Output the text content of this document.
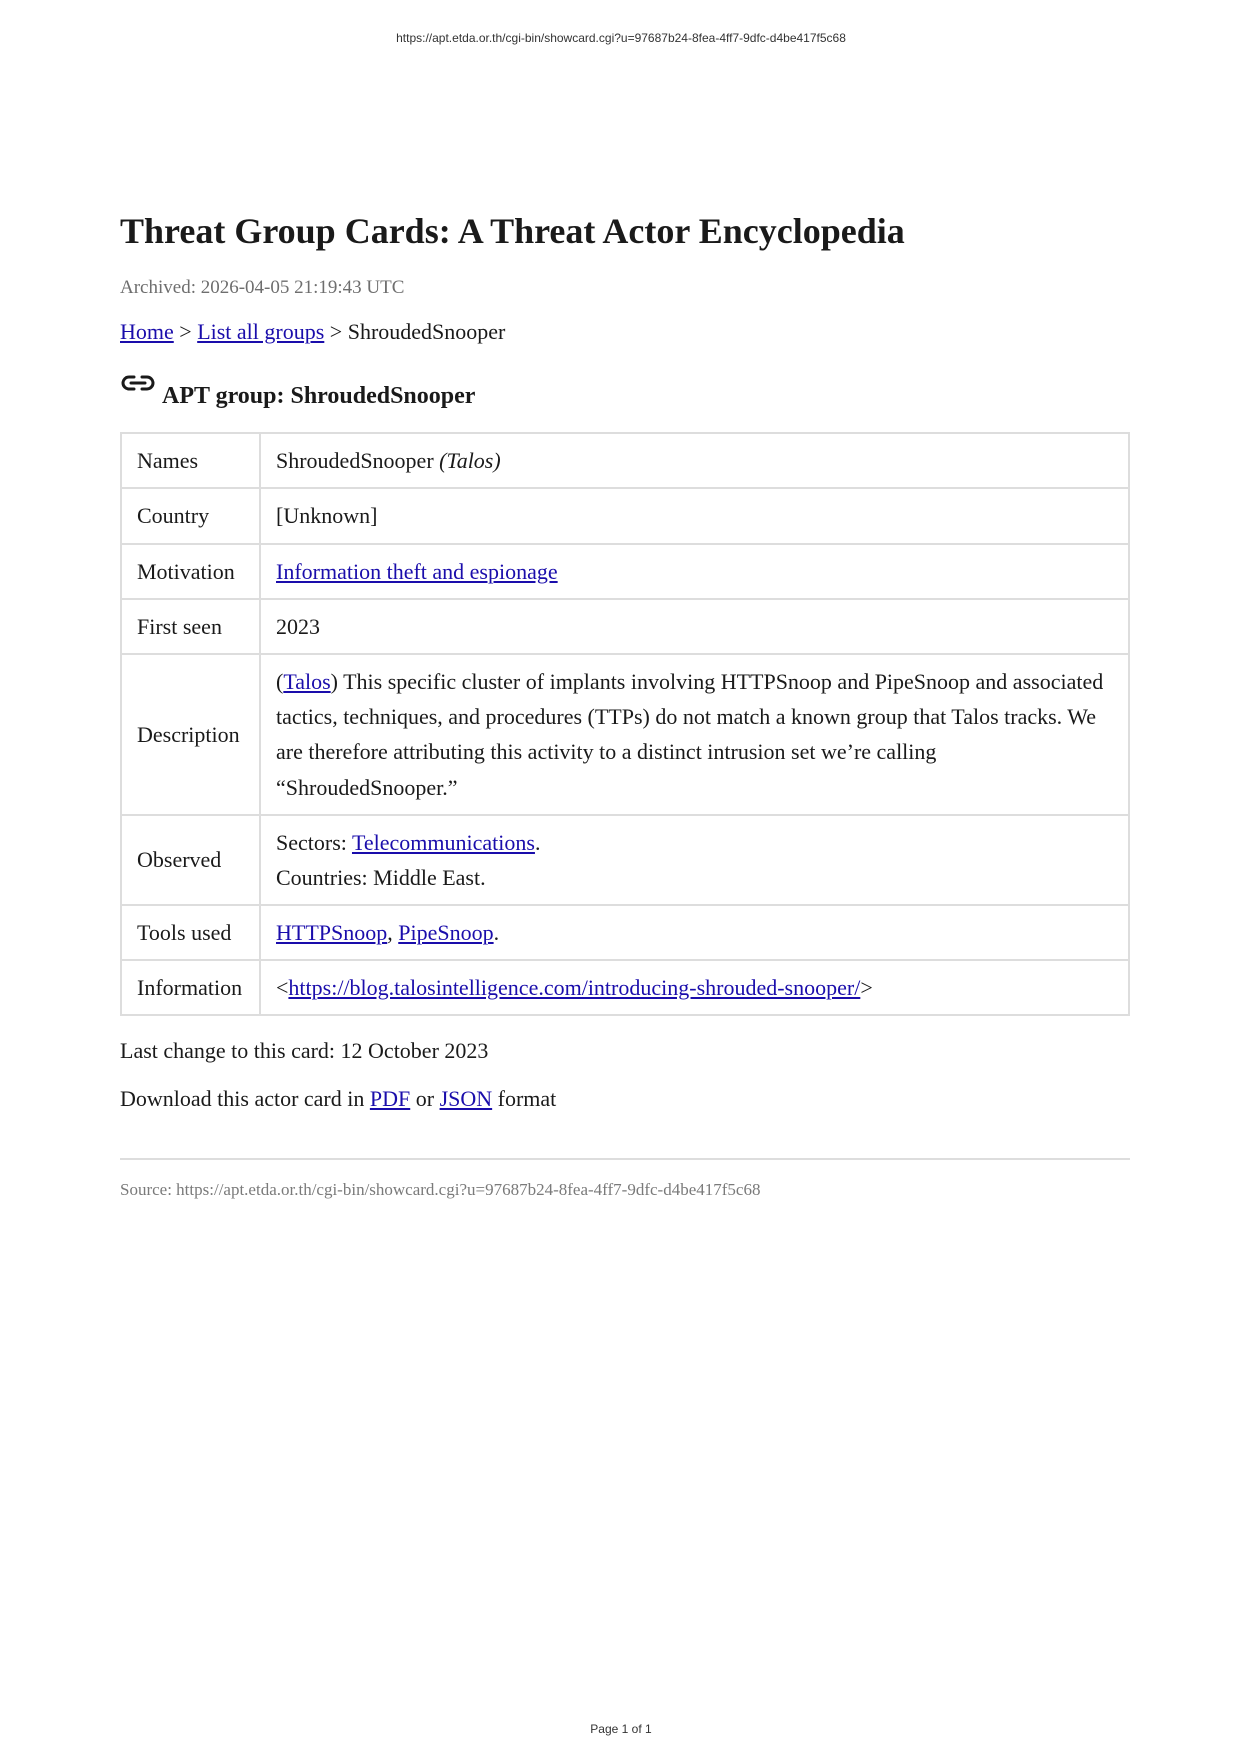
https://apt.etda.or.th/cgi-bin/showcard.cgi?u=97687b24-8fea-4ff7-9dfc-d4be417f5c68
Threat Group Cards: A Threat Actor Encyclopedia
Archived: 2026-04-05 21:19:43 UTC
Home > List all groups > ShroudedSnooper
APT group: ShroudedSnooper
Names	ShroudedSnooper (Talos)
Country	[Unknown]
Motivation	Information theft and espionage
First seen	2023
Description	(Talos) This specific cluster of implants involving HTTPSnoop and PipeSnoop and associated tactics, techniques, and procedures (TTPs) do not match a known group that Talos tracks. We are therefore attributing this activity to a distinct intrusion set we’re calling “ShroudedSnooper.”
Observed	Sectors: Telecommunications.
Countries: Middle East.
Tools used	HTTPSnoop, PipeSnoop.
Information	<https://blog.talosintelligence.com/introducing-shrouded-snooper/>

Last change to this card: 12 October 2023

Download this actor card in PDF or JSON format

Source: https://apt.etda.or.th/cgi-bin/showcard.cgi?u=97687b24-8fea-4ff7-9dfc-d4be417f5c68
Page 1 of 1
